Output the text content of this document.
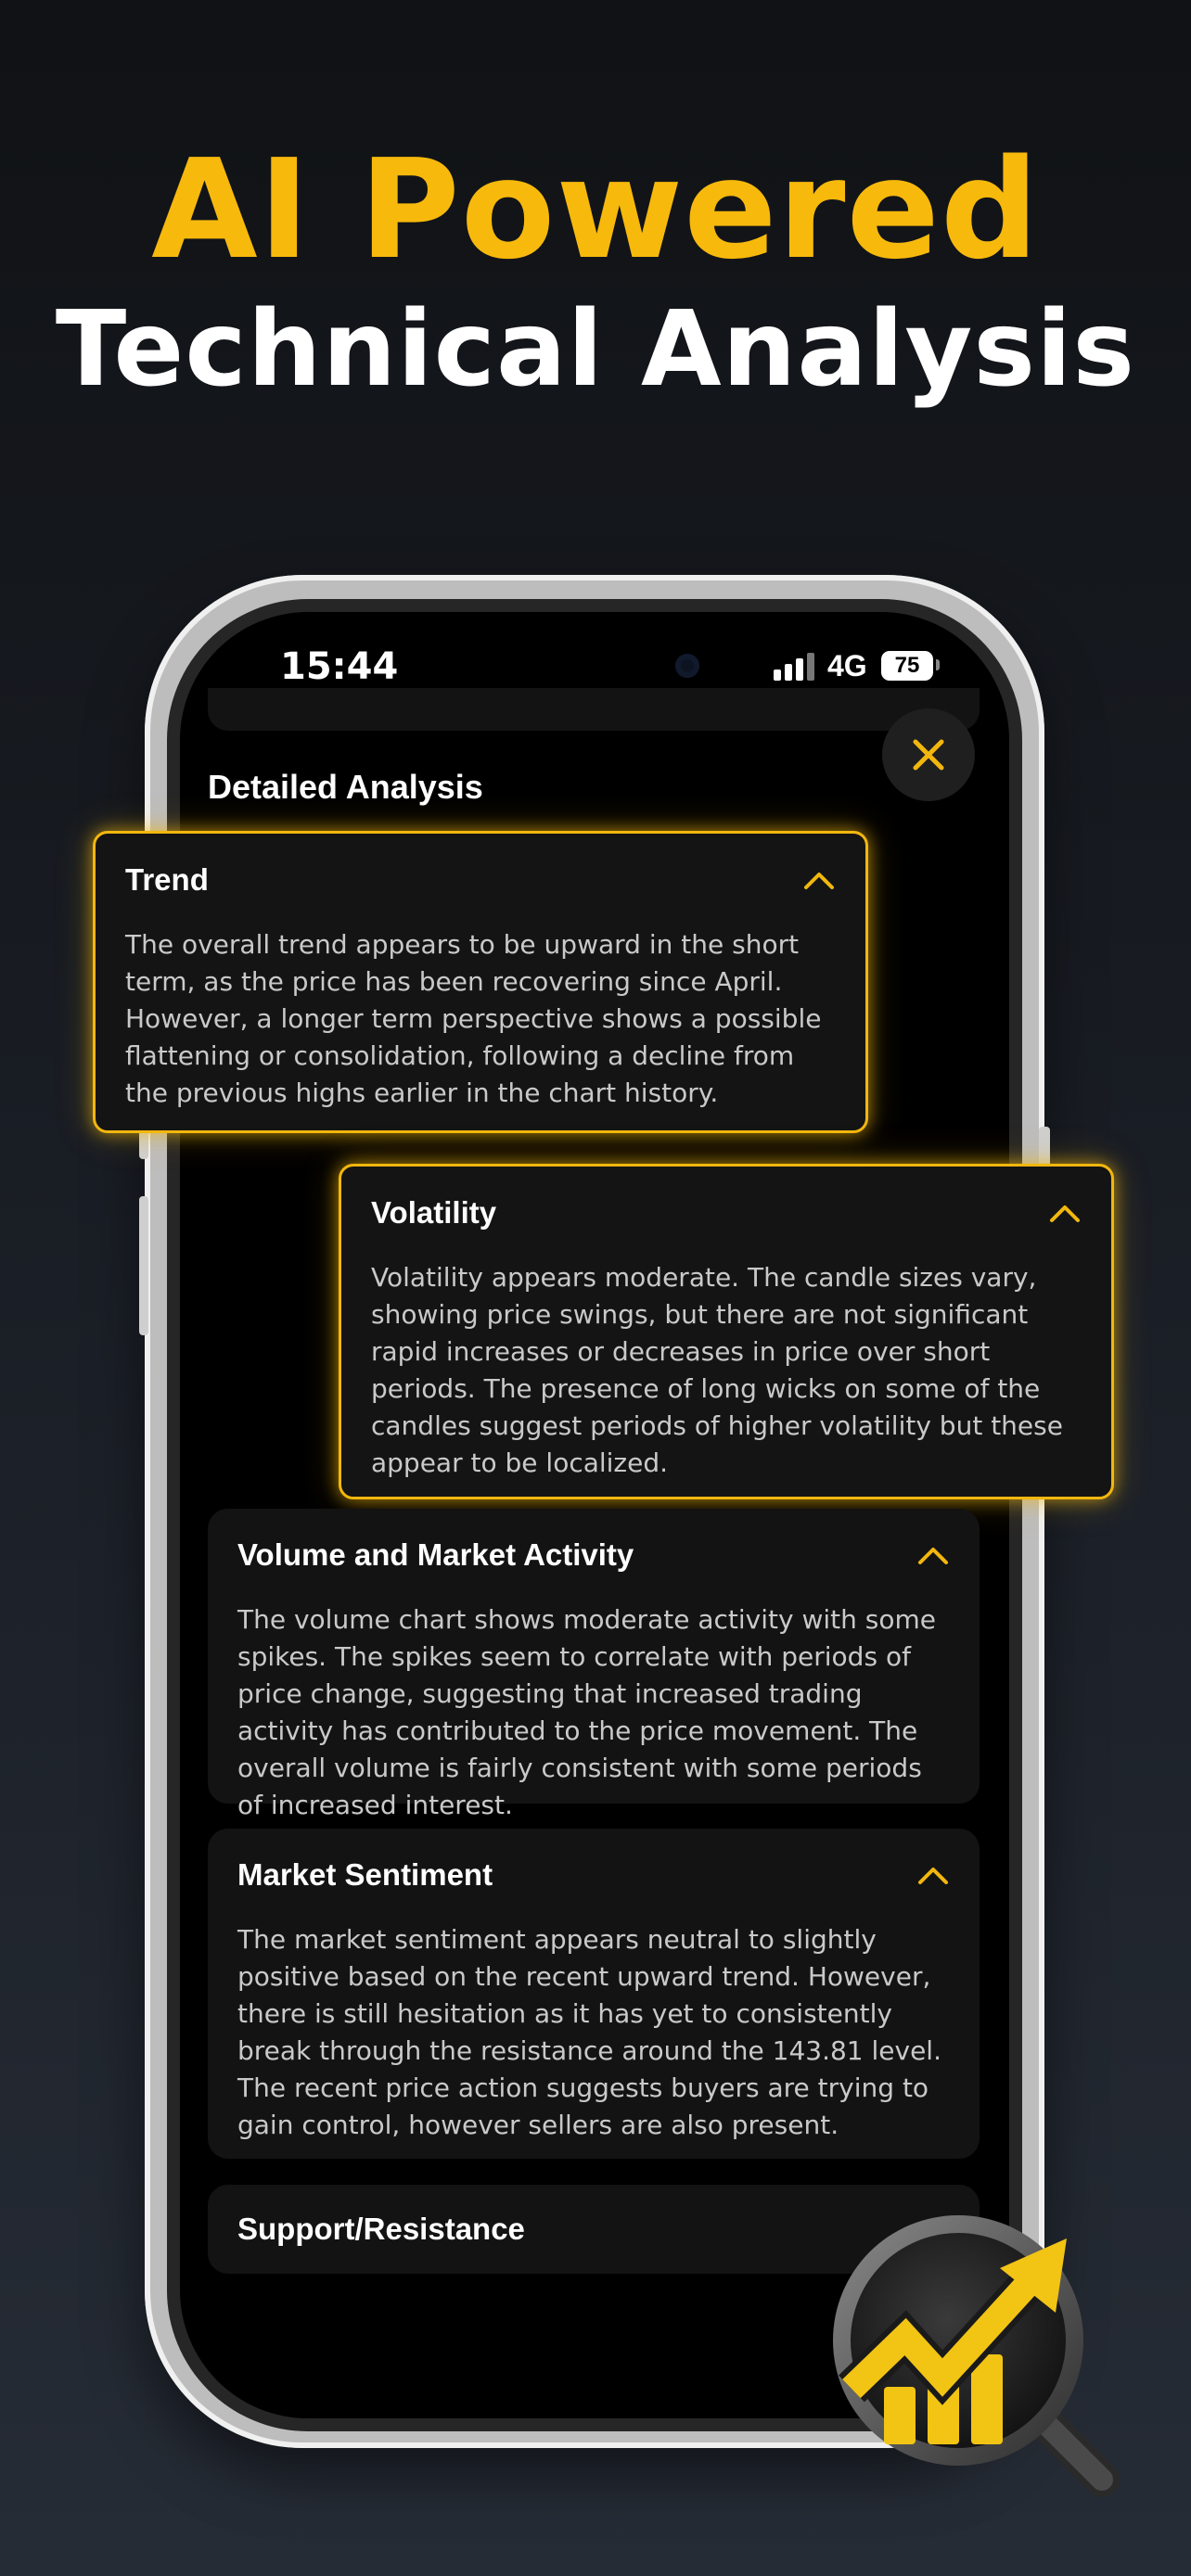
AI Powered
Technical Analysis
15:44	4G	75
Detailed Analysis
Trend
The overall trend appears to be upward in the short term, as the price has been recovering since April. However, a longer term perspective shows a possible flattening or consolidation, following a decline from the previous highs earlier in the chart history.
Volatility
Volatility appears moderate. The candle sizes vary, showing price swings, but there are not significant rapid increases or decreases in price over short periods. The presence of long wicks on some of the candles suggest periods of higher volatility but these appear to be localized.
Volume and Market Activity
The volume chart shows moderate activity with some spikes. The spikes seem to correlate with periods of price change, suggesting that increased trading activity has contributed to the price movement. The overall volume is fairly consistent with some periods of increased interest.
Market Sentiment
The market sentiment appears neutral to slightly positive based on the recent upward trend. However, there is still hesitation as it has yet to consistently break through the resistance around the 143.81 level. The recent price action suggests buyers are trying to gain control, however sellers are also present.
Support/Resistance
